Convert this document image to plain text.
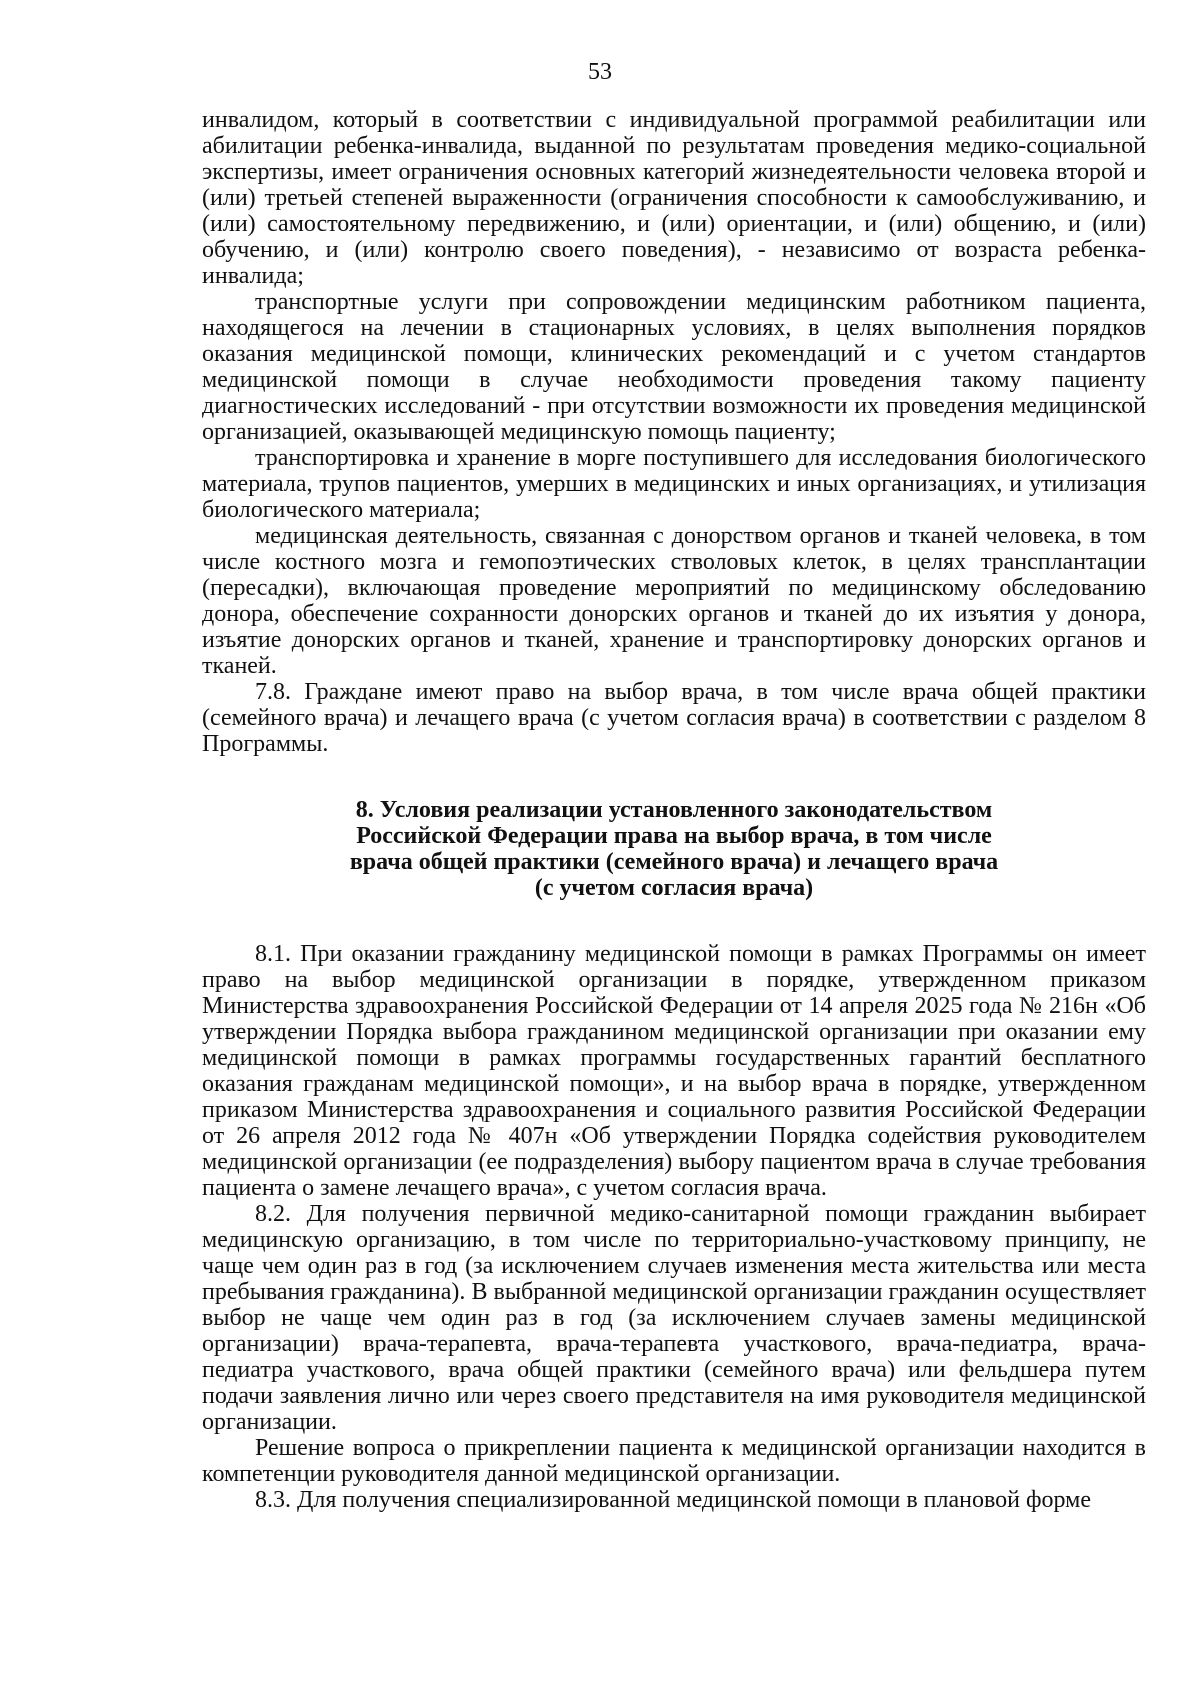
53

инвалидом, который в соответствии с индивидуальной программой реабилитации или абилитации ребенка-инвалида, выданной по результатам проведения медико-социальной экспертизы, имеет ограничения основных категорий жизнедеятельности человека второй и (или) третьей степеней выраженности (ограничения способности к самообслуживанию, и (или) самостоятельному передвижению, и (или) ориентации, и (или) общению, и (или) обучению, и (или) контролю своего поведения), - независимо от возраста ребенка-инвалида;

транспортные услуги при сопровождении медицинским работником пациента, находящегося на лечении в стационарных условиях, в целях выполнения порядков оказания медицинской помощи, клинических рекомендаций и с учетом стандартов медицинской помощи в случае необходимости проведения такому пациенту диагностических исследований - при отсутствии возможности их проведения медицинской организацией, оказывающей медицинскую помощь пациенту;

транспортировка и хранение в морге поступившего для исследования биологического материала, трупов пациентов, умерших в медицинских и иных организациях, и утилизация биологического материала;

медицинская деятельность, связанная с донорством органов и тканей человека, в том числе костного мозга и гемопоэтических стволовых клеток, в целях трансплантации (пересадки), включающая проведение мероприятий по медицинскому обследованию донора, обеспечение сохранности донорских органов и тканей до их изъятия у донора, изъятие донорских органов и тканей, хранение и транспортировку донорских органов и тканей.

7.8. Граждане имеют право на выбор врача, в том числе врача общей практики (семейного врача) и лечащего врача (с учетом согласия врача) в соответствии с разделом 8 Программы.

8. Условия реализации установленного законодательством
Российской Федерации права на выбор врача, в том числе
врача общей практики (семейного врача) и лечащего врача
(с учетом согласия врача)

8.1. При оказании гражданину медицинской помощи в рамках Программы он имеет право на выбор медицинской организации в порядке, утвержденном приказом Министерства здравоохранения Российской Федерации от 14 апреля 2025 года № 216н «Об утверждении Порядка выбора гражданином медицинской организации при оказании ему медицинской помощи в рамках программы государственных гарантий бесплатного оказания гражданам медицинской помощи», и на выбор врача в порядке, утвержденном приказом Министерства здравоохранения и социального развития Российской Федерации от 26 апреля 2012 года № 407н «Об утверждении Порядка содействия руководителем медицинской организации (ее подразделения) выбору пациентом врача в случае требования пациента о замене лечащего врача», с учетом согласия врача.

8.2. Для получения первичной медико-санитарной помощи гражданин выбирает медицинскую организацию, в том числе по территориально-участковому принципу, не чаще чем один раз в год (за исключением случаев изменения места жительства или места пребывания гражданина). В выбранной медицинской организации гражданин осуществляет выбор не чаще чем один раз в год (за исключением случаев замены медицинской организации) врача-терапевта, врача-терапевта участкового, врача-педиатра, врача-педиатра участкового, врача общей практики (семейного врача) или фельдшера путем подачи заявления лично или через своего представителя на имя руководителя медицинской организации.

Решение вопроса о прикреплении пациента к медицинской организации находится в компетенции руководителя данной медицинской организации.

8.3. Для получения специализированной медицинской помощи в плановой форме
